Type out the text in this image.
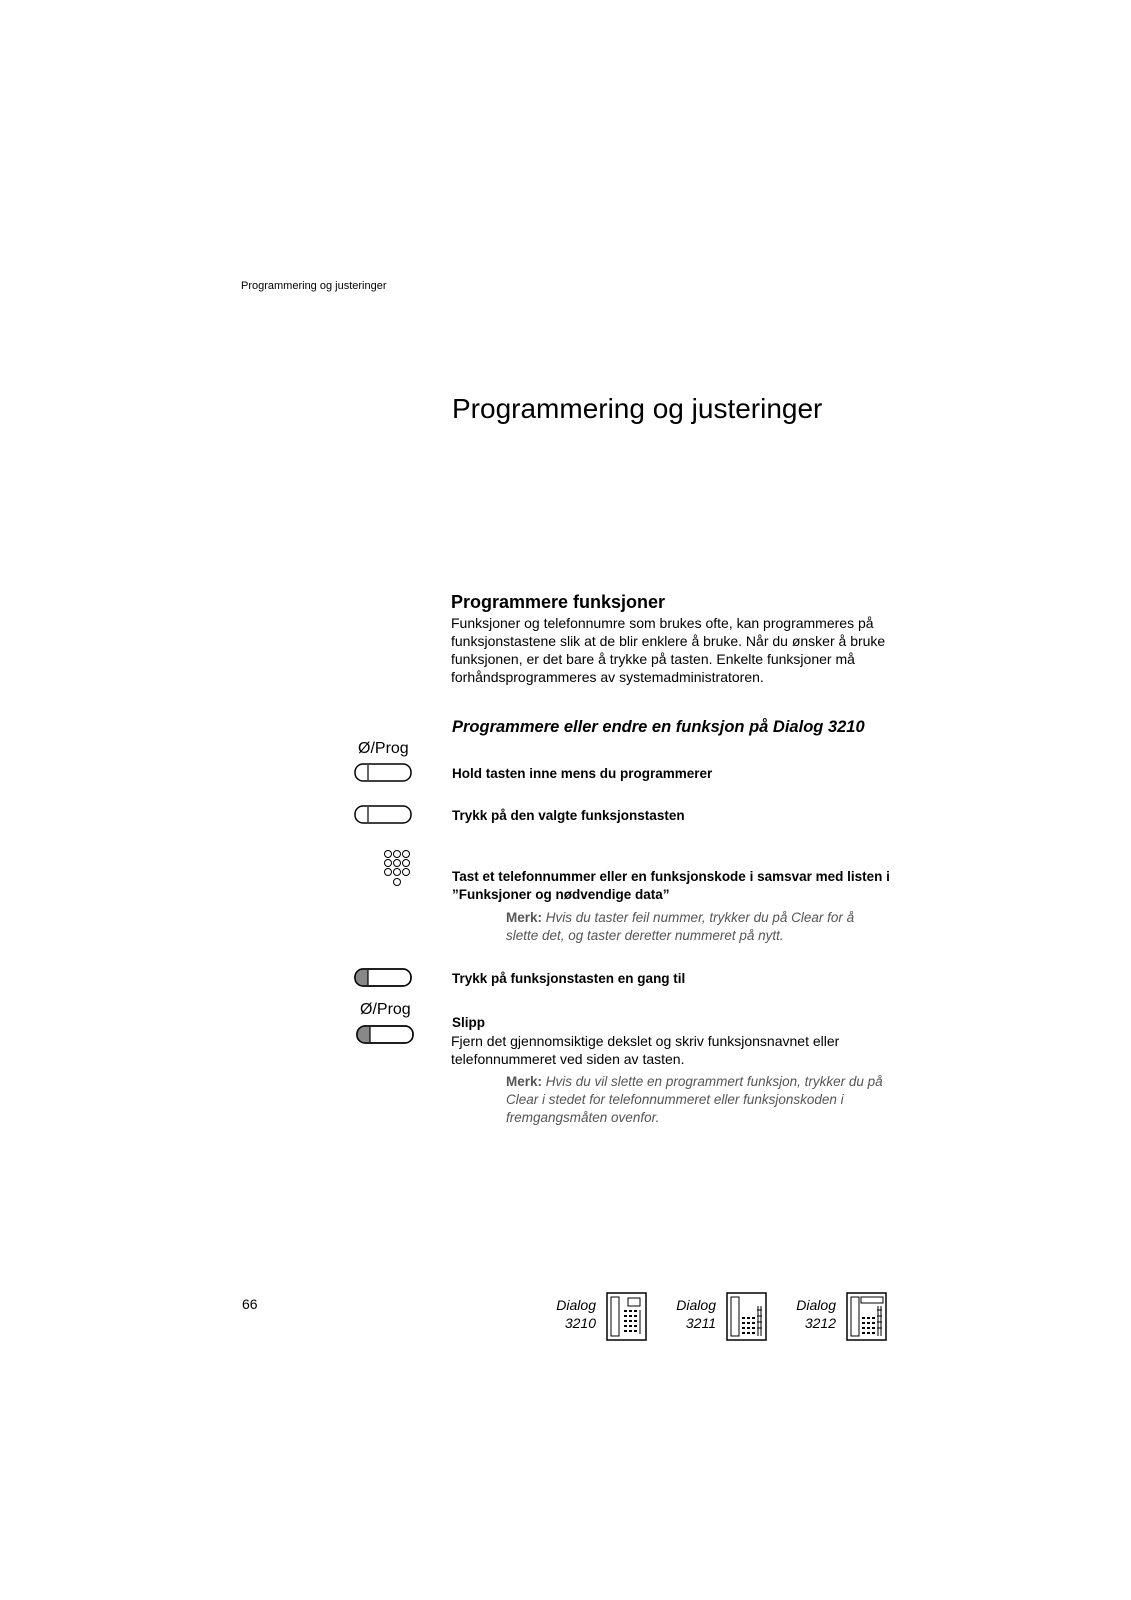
Programmering og justeringer
Programmering og justeringer
Programmere funksjoner
Funksjoner og telefonnumre som brukes ofte, kan programmeres på funksjonstastene slik at de blir enklere å bruke. Når du ønsker å bruke funksjonen, er det bare å trykke på tasten. Enkelte funksjoner må forhåndsprogrammeres av systemadministratoren.
Programmere eller endre en funksjon på Dialog 3210
Ø/Prog
Hold tasten inne mens du programmerer
Trykk på den valgte funksjonstasten
Tast et telefonnummer eller en funksjonskode i samsvar med listen i ”Funksjoner og nødvendige data”
Merk: Hvis du taster feil nummer, trykker du på Clear for å slette det, og taster deretter nummeret på nytt.
Trykk på funksjonstasten en gang til
Ø/Prog
Slipp
Fjern det gjennomsiktige dekslet og skriv funksjonsnavnet eller telefonnummeret ved siden av tasten.
Merk: Hvis du vil slette en programmert funksjon, trykker du på Clear i stedet for telefonnummeret eller funksjonskoden i fremgangsmåten ovenfor.
66	Dialog
3210
Dialog
3211
Dialog
3212
